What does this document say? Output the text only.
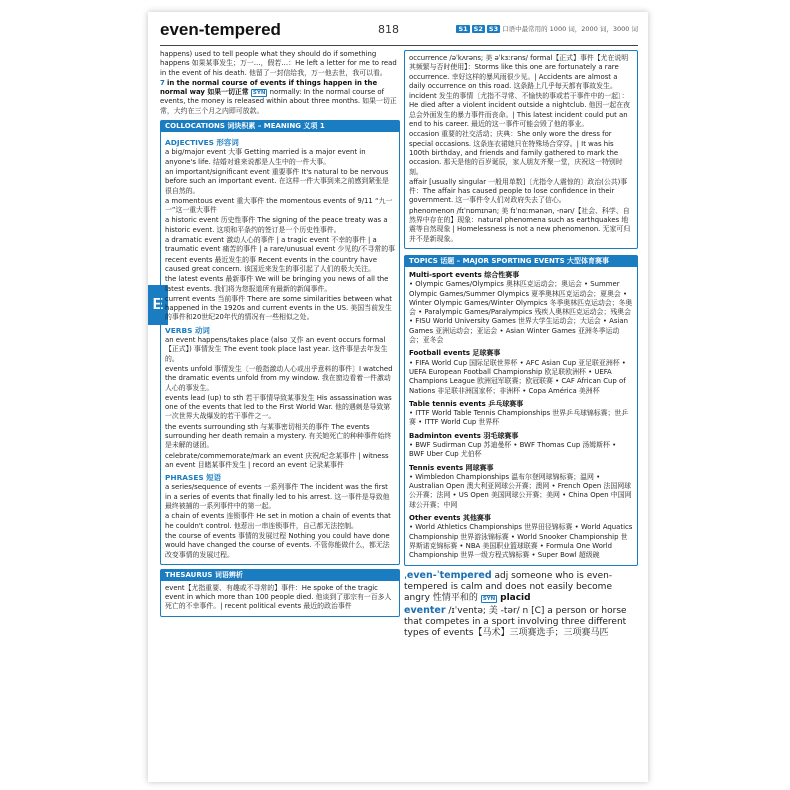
E
even-tempered	818	S1 S2 S3 口语中最常用的 1000 词，2000 词，3000 词

happens) used to tell people what they should do if something happens 如果某事发生；万一…，假若…：He left a letter for me to read in the event of his death. 他留了一封信给我，万一他去世，我可以看。

7 in the normal course of events if things happen in the normal way 如果一切正常 SYN normally: In the normal course of events, the money is released within about three months. 如果一切正常，大约在三个月之内即可放款。

COLLOCATIONS 词块积累 – MEANING 义项 1
ADJECTIVES 形容词

a big/major event 大事 Getting married is a major event in anyone's life. 结婚对谁来说都是人生中的一件大事。

an important/significant event 重要事件 It's natural to be nervous before such an important event. 在这样一件大事到来之前感到紧张是很自然的。

a momentous event 重大事件 the momentous events of 9/11 “九一一”这一重大事件

a historic event 历史性事件 The signing of the peace treaty was a historic event. 这项和平条约的签订是一个历史性事件。

a dramatic event 激动人心的事件 | a tragic event 不幸的事件 | a traumatic event 痛苦的事件 | a rare/unusual event 少见的/不寻常的事

recent events 最近发生的事 Recent events in the country have caused great concern. 该国近来发生的事引起了人们的极大关注。

the latest events 最新事件 We will be bringing you news of all the latest events. 我们将为您报道所有最新的新闻事件。

current events 当前事件 There are some similarities between what happened in the 1920s and current events in the US. 美国当前发生的事件和20世纪20年代的情况有一些相似之处。

VERBS 动词

an event happens/takes place (also 又作 an event occurs formal【正式】) 事情发生 The event took place last year. 这件事是去年发生的。

events unfold 事情发生〔一般指激动人心或出乎意料的事件〕I watched the dramatic events unfold from my window. 我在窗边看着一件激动人心的事发生。

events lead (up) to sth 若干事情导致某事发生 His assassination was one of the events that led to the First World War. 他的遇刺是导致第一次世界大战爆发的若干事件之一。

the events surrounding sth 与某事密切相关的事件 The events surrounding her death remain a mystery. 有关她死亡的种种事件始终是未解的谜团。

celebrate/commemorate/mark an event 庆祝/纪念某事件 | witness an event 目睹某事件发生 | record an event 记录某事件

PHRASES 短语

a series/sequence of events 一系列事件 The incident was the first in a series of events that finally led to his arrest. 这一事件是导致他最终被捕的一系列事件中的第一起。

a chain of events 连锁事件 He set in motion a chain of events that he couldn't control. 他惹出一串连锁事件，自己都无法控制。

the course of events 事情的发展过程 Nothing you could have done would have changed the course of events. 不管你能做什么，都无法改变事情的发展过程。

THESAURUS 词语辨析

event【尤指重要、有趣或不寻常的】事件：He spoke of the tragic event in which more than 100 people died. 他谈到了那宗有一百多人死亡的不幸事件。| recent political events 最近的政治事件

occurrence /əˈkʌrəns; 美 əˈkɜːrəns/ formal【正式】事件【尤在说明其频繁与否时使用】：Storms like this one are fortunately a rare occurrence. 幸好这样的暴风雨很少见。| Accidents are almost a daily occurrence on this road. 这条路上几乎每天都有事故发生。

incident 发生的事情〔尤指不寻常、不愉快的事或若干事件中的一起〕：He died after a violent incident outside a nightclub. 他因一起在夜总会外面发生的暴力事件而丧命。| This latest incident could put an end to his career. 最近的这一事件可能会毁了他的事业。

occasion 重要的社交活动；庆典：She only wore the dress for special occasions. 这条连衣裙她只在特殊场合穿穿。| It was his 100th birthday, and friends and family gathered to mark the occasion. 那天是他的百岁诞辰，家人朋友齐聚一堂，庆祝这一特别时刻。

affair [usually singular 一般用单数]〔尤指令人震惊的〕政治(公共)事件：The affair has caused people to lose confidence in their government. 这一事件令人们对政府失去了信心。

phenomenon /fɪˈnɒmɪnən; 美 fɪˈnɑːmənən, -nən/【社会、科学、自然界中存在的】现象：natural phenomena such as earthquakes 地震等自然现象 | Homelessness is not a new phenomenon. 无家可归并不是新现象。

TOPICS 话题 – MAJOR SPORTING EVENTS 大型体育赛事
Multi-sport events 综合性赛事

• Olympic Games/Olympics 奥林匹克运动会；奥运会 • Summer Olympic Games/Summer Olympics 夏季奥林匹克运动会；夏奥会 • Winter Olympic Games/Winter Olympics 冬季奥林匹克运动会；冬奥会 • Paralympic Games/Paralympics 残疾人奥林匹克运动会；残奥会 • FISU World University Games 世界大学生运动会；大运会 • Asian Games 亚洲运动会；亚运会 • Asian Winter Games 亚洲冬季运动会；亚冬会

Football events 足球赛事

• FIFA World Cup 国际足联世界杯 • AFC Asian Cup 亚足联亚洲杯 • UEFA European Football Championship 欧足联欧洲杯 • UEFA Champions League 欧洲冠军联赛；欧冠联赛 • CAF African Cup of Nations 非足联非洲国家杯；非洲杯 • Copa América 美洲杯

Table tennis events 乒乓球赛事

• ITTF World Table Tennis Championships 世界乒乓球锦标赛；世乒赛 • ITTF World Cup 世界杯

Badminton events 羽毛球赛事

• BWF Sudirman Cup 苏迪曼杯 • BWF Thomas Cup 汤姆斯杯 • BWF Uber Cup 尤伯杯

Tennis events 网球赛事

• Wimbledon Championships 温布尔登网球锦标赛；温网 • Australian Open 澳大利亚网球公开赛；澳网 • French Open 法国网球公开赛；法网 • US Open 美国网球公开赛；美网 • China Open 中国网球公开赛；中网

Other events 其他赛事

• World Athletics Championships 世界田径锦标赛 • World Aquatics Championship 世界游泳锦标赛 • World Snooker Championship 世界斯诺克锦标赛 • NBA 美国职业篮球联赛 • Formula One World Championship 世界一级方程式锦标赛 • Super Bowl 超级碗

ˌeven-ˈtempered adj someone who is even-tempered is calm and does not easily become angry 性情平和的 SYN placid

eventer /ɪˈventə; 美 -tər/ n [C] a person or horse that competes in a sport involving three different types of events【马术】三项赛选手；三项赛马匹
